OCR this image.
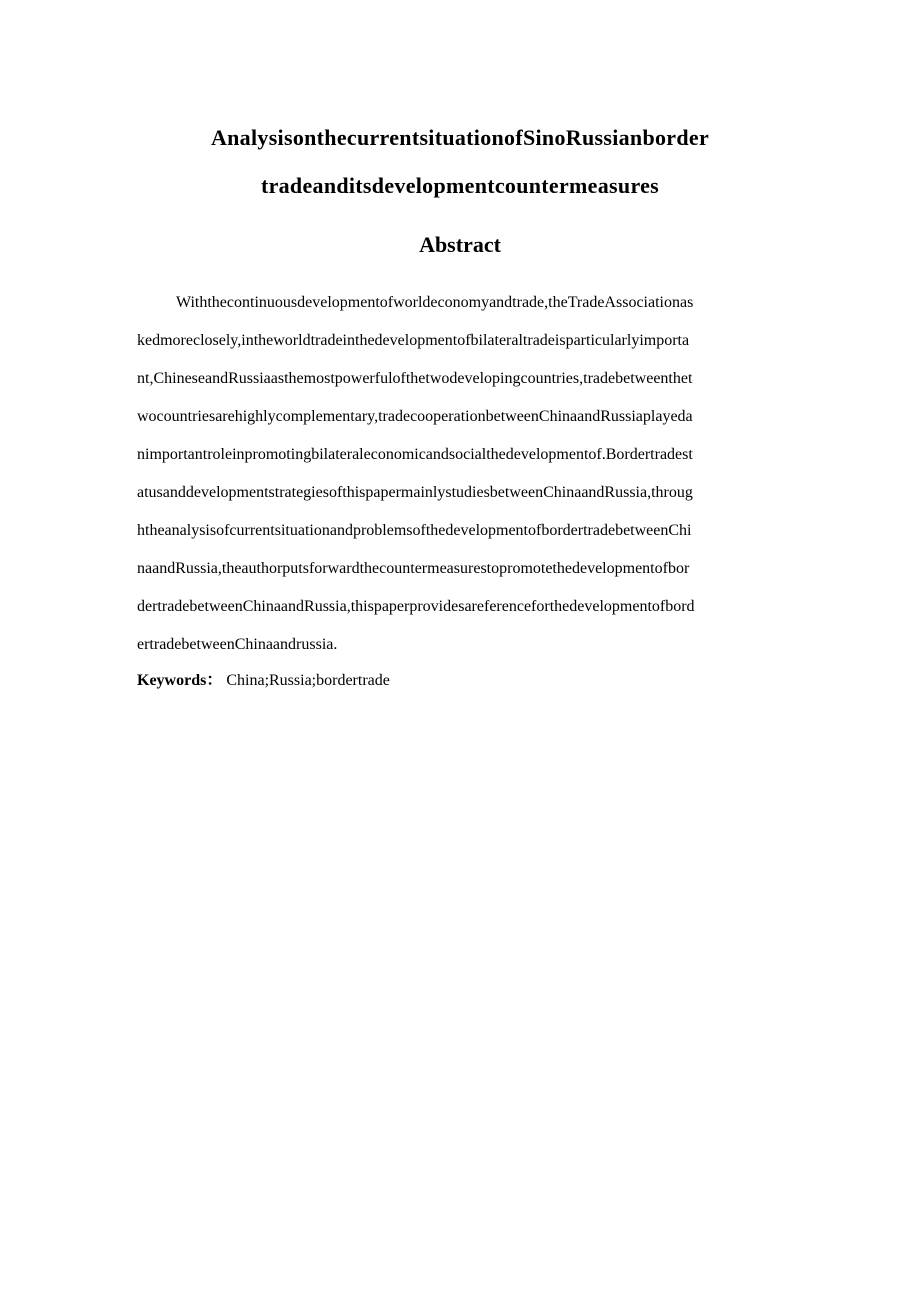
AnalysisonthecurrentsituationofSinoRussianborder
tradeanditsdevelopmentcountermeasures
Abstract
Withthecontinuousdevelopmentofworldeconomyandtrade,theTradeAssociationas
kedmoreclosely,intheworldtradeinthedevelopmentofbilateraltradeisparticularlyimporta
nt,ChineseandRussiaasthemostpowerfulofthetwodevelopingcountries,tradebetweenthet
wocountriesarehighlycomplementary,tradecooperationbetweenChinaandRussiaplayeda
nimportantroleinpromotingbilateraleconomicandsocialthedevelopmentof.Bordertradest
atusanddevelopmentstrategiesofthispapermainlystudiesbetweenChinaandRussia,throug
htheanalysisofcurrentsituationandproblemsofthedevelopmentofbordertradebetweenChi
naandRussia,theauthorputsforwardthecountermeasurestopromotethedevelopmentofbor
dertradebetweenChinaandRussia,thispaperprovidesareferenceforthedevelopmentofbord
ertradebetweenChinaandrussia.
Keywords： China;Russia;bordertrade
